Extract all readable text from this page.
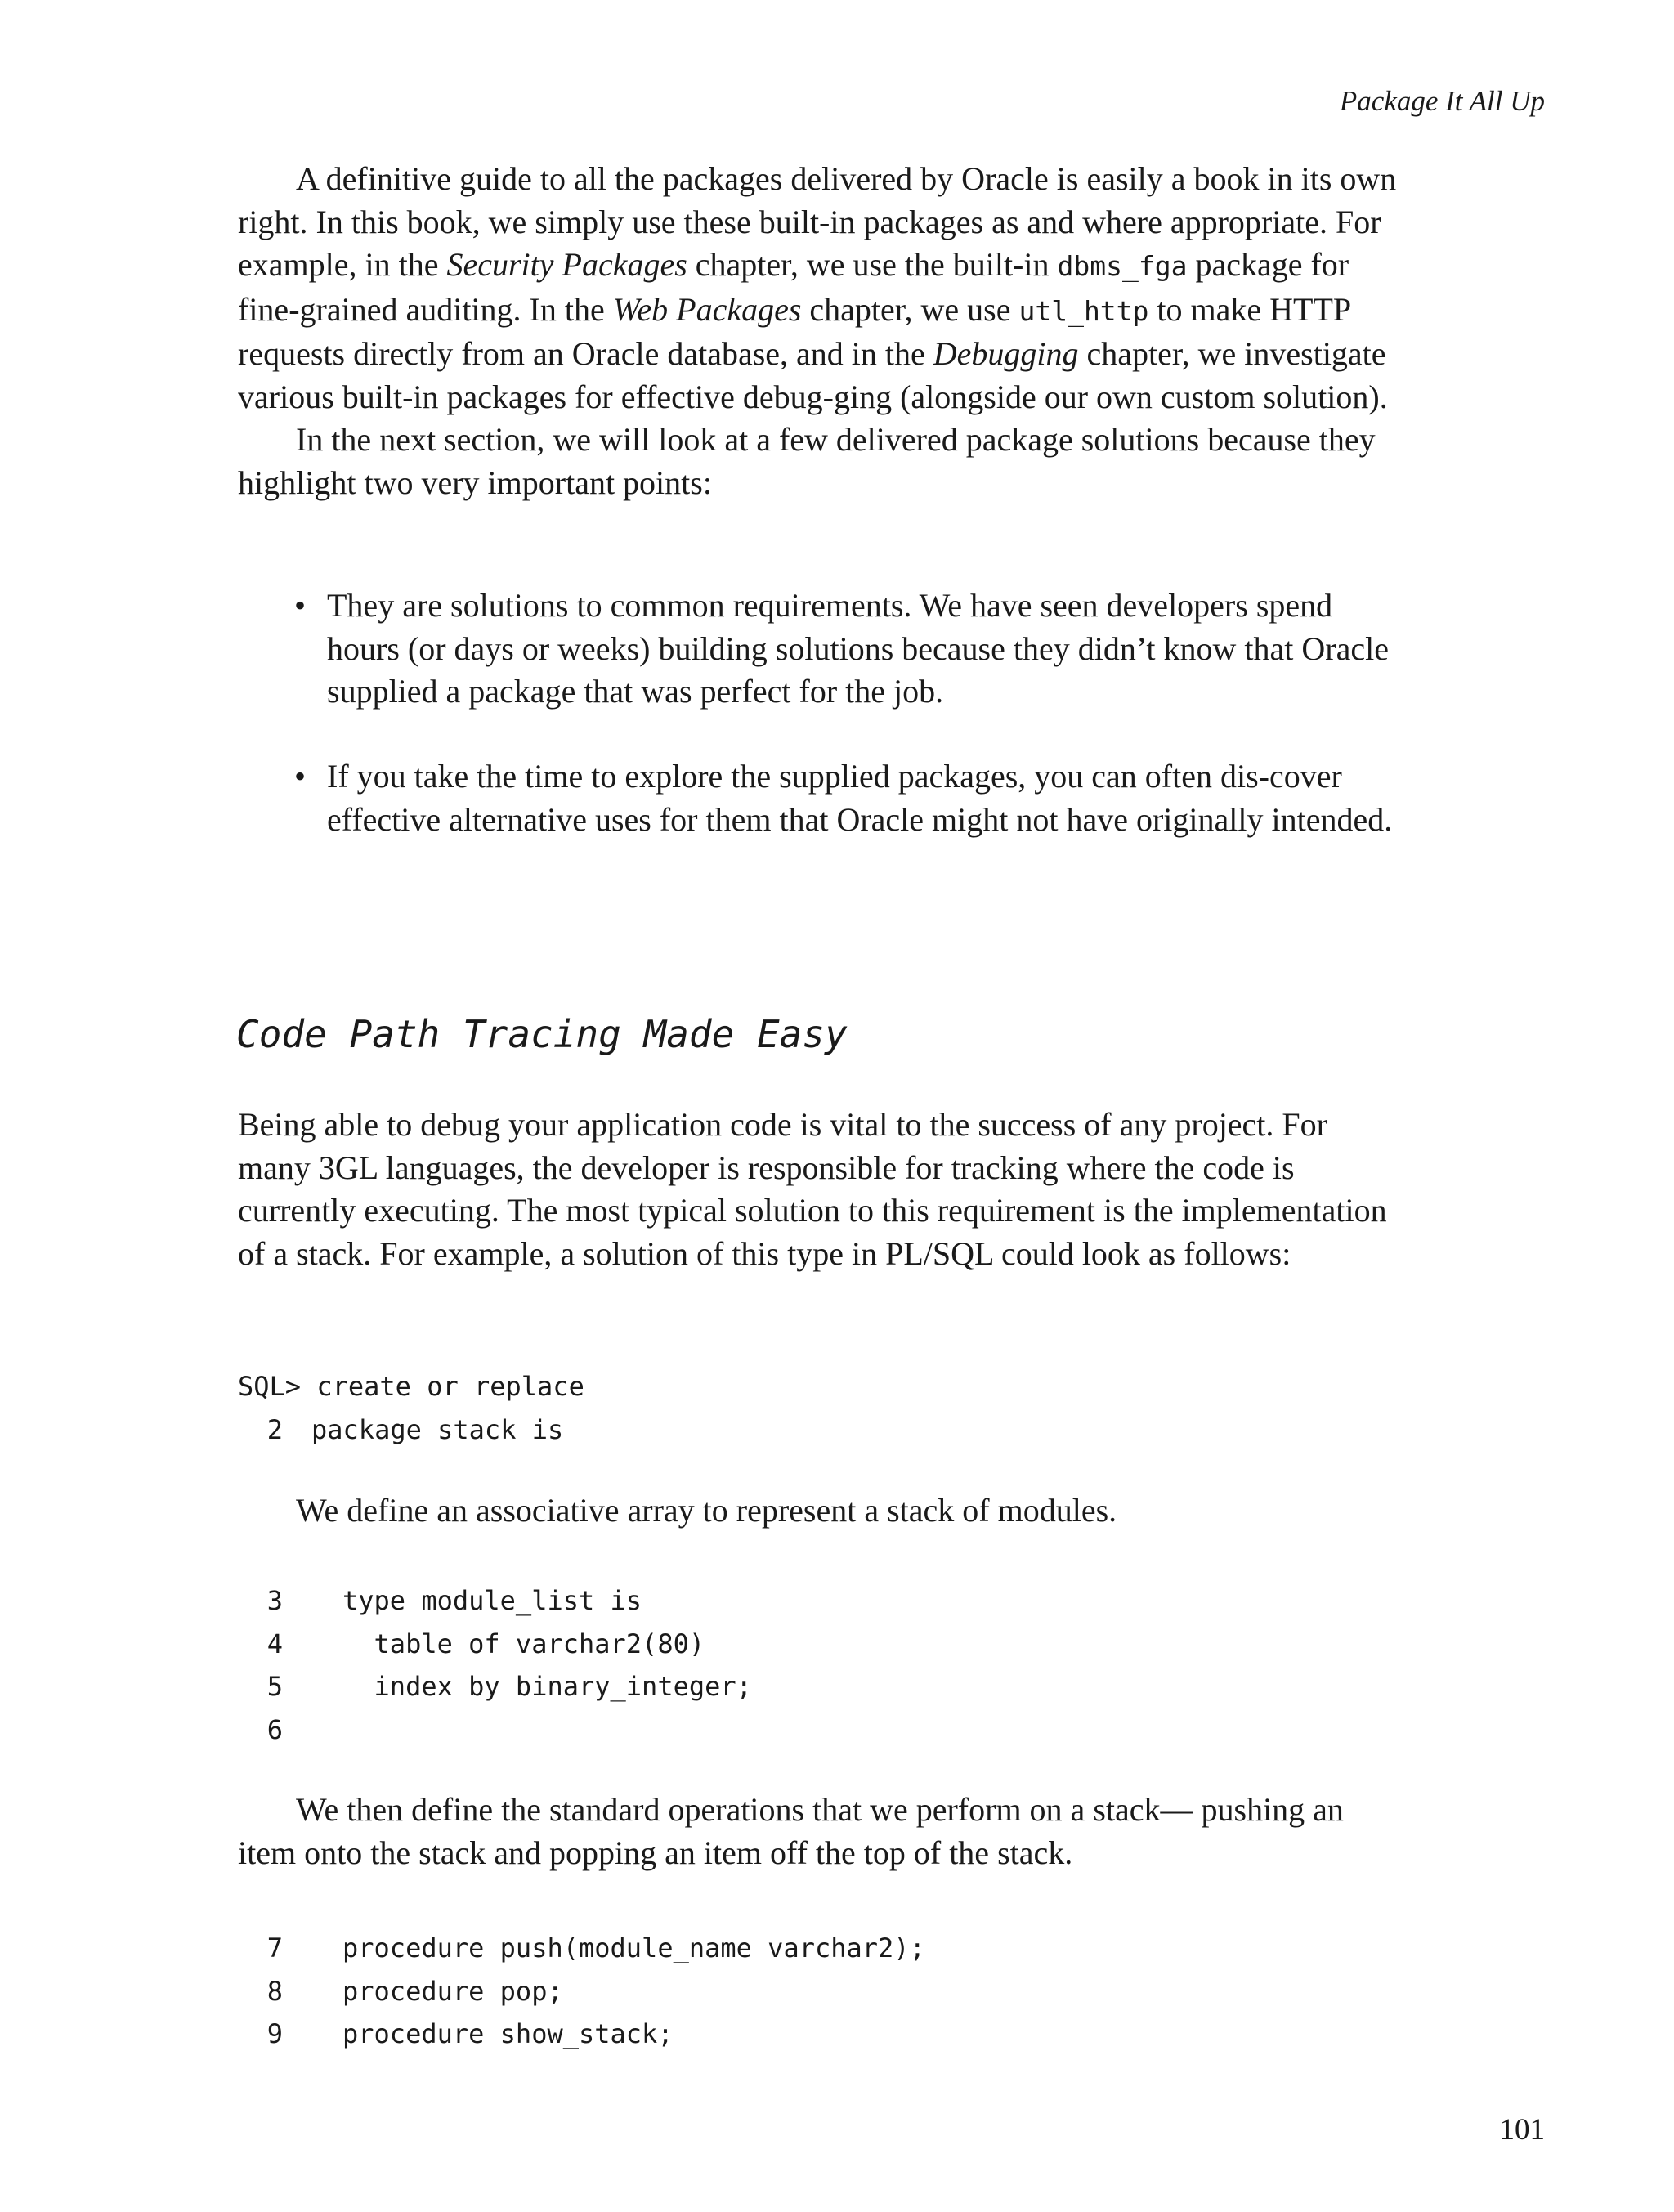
Package It All Up

A definitive guide to all the packages delivered by Oracle is easily a book in its own right. In this book, we simply use these built-in packages as and where appropriate. For example, in the Security Packages chapter, we use the built-in dbms_fga package for fine-grained auditing. In the Web Packages chapter, we use utl_http to make HTTP requests directly from an Oracle database, and in the Debugging chapter, we investigate various built-in packages for effective debug-ging (alongside our own custom solution).

In the next section, we will look at a few delivered package solutions because they highlight two very important points:

• They are solutions to common requirements. We have seen developers spend hours (or days or weeks) building solutions because they didn’t know that Oracle supplied a package that was perfect for the job.
• If you take the time to explore the supplied packages, you can often dis-cover effective alternative uses for them that Oracle might not have originally intended.
Code Path Tracing Made Easy

Being able to debug your application code is vital to the success of any project. For many 3GL languages, the developer is responsible for tracking where the code is currently executing. The most typical solution to this requirement is the implementation of a stack. For example, a solution of this type in PL/SQL could look as follows:

SQL> create or replace
2 package stack is

We define an associative array to represent a stack of modules.

3 type module_list is
4 table of varchar2(80)
5 index by binary_integer;
6

We then define the standard operations that we perform on a stack— pushing an item onto the stack and popping an item off the top of the stack.

7 procedure push(module_name varchar2);
8 procedure pop;
9 procedure show_stack;
101
